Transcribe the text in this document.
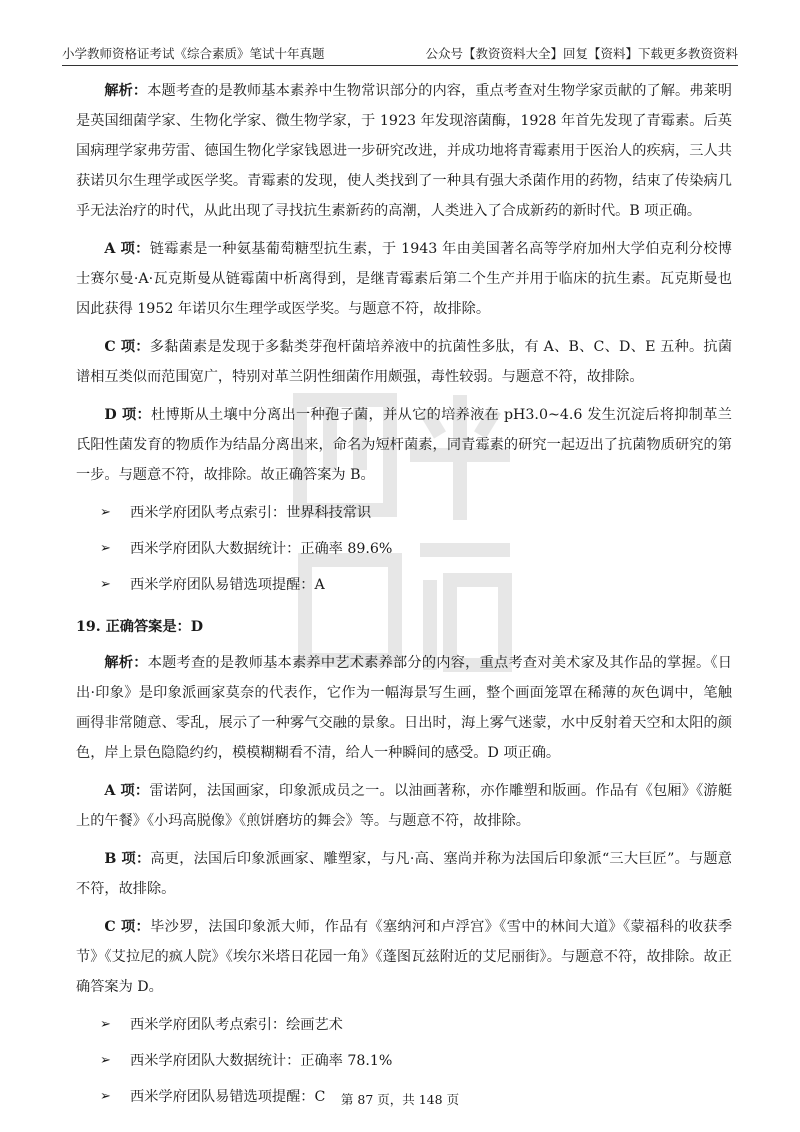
小学教师资格证考试《综合素质》笔试十年真题	公众号【教资资料大全】回复【资料】下载更多教资资料

解析：本题考查的是教师基本素养中生物常识部分的内容，重点考查对生物学家贡献的了解。弗莱明是英国细菌学家、生物化学家、微生物学家，于 1923 年发现溶菌酶，1928 年首先发现了青霉素。后英国病理学家弗劳雷、德国生物化学家钱恩进一步研究改进，并成功地将青霉素用于医治人的疾病，三人共获诺贝尔生理学或医学奖。青霉素的发现，使人类找到了一种具有强大杀菌作用的药物，结束了传染病几乎无法治疗的时代，从此出现了寻找抗生素新药的高潮，人类进入了合成新药的新时代。B 项正确。

A 项：链霉素是一种氨基葡萄糖型抗生素，于 1943 年由美国著名高等学府加州大学伯克利分校博士赛尔曼·A·瓦克斯曼从链霉菌中析离得到，是继青霉素后第二个生产并用于临床的抗生素。瓦克斯曼也因此获得 1952 年诺贝尔生理学或医学奖。与题意不符，故排除。

C 项：多黏菌素是发现于多黏类芽孢杆菌培养液中的抗菌性多肽，有 A、B、C、D、E 五种。抗菌谱相互类似而范围宽广，特别对革兰阴性细菌作用颇强，毒性较弱。与题意不符，故排除。

D 项：杜博斯从土壤中分离出一种孢子菌，并从它的培养液在 pH3.0~4.6 发生沉淀后将抑制革兰氏阳性菌发育的物质作为结晶分离出来，命名为短杆菌素，同青霉素的研究一起迈出了抗菌物质研究的第一步。与题意不符，故排除。故正确答案为 B。

➢	西米学府团队考点索引：世界科技常识
➢	西米学府团队大数据统计：正确率 89.6%
➢	西米学府团队易错选项提醒：A
19. 正确答案是：D

解析：本题考查的是教师基本素养中艺术素养部分的内容，重点考查对美术家及其作品的掌握。《日出·印象》是印象派画家莫奈的代表作，它作为一幅海景写生画，整个画面笼罩在稀薄的灰色调中，笔触画得非常随意、零乱，展示了一种雾气交融的景象。日出时，海上雾气迷蒙，水中反射着天空和太阳的颜色，岸上景色隐隐约约，模模糊糊看不清，给人一种瞬间的感受。D 项正确。

A 项：雷诺阿，法国画家，印象派成员之一。以油画著称，亦作雕塑和版画。作品有《包厢》《游艇上的午餐》《小玛高脱像》《煎饼磨坊的舞会》等。与题意不符，故排除。

B 项：高更，法国后印象派画家、雕塑家，与凡·高、塞尚并称为法国后印象派“三大巨匠”。与题意不符，故排除。

C 项：毕沙罗，法国印象派大师，作品有《塞纳河和卢浮宫》《雪中的林间大道》《蒙福科的收获季节》《艾拉尼的疯人院》《埃尔米塔日花园一角》《蓬图瓦兹附近的艾尼丽街》。与题意不符，故排除。故正确答案为 D。

➢	西米学府团队考点索引：绘画艺术
➢	西米学府团队大数据统计：正确率 78.1%
➢	西米学府团队易错选项提醒：C	第 87 页，共 148 页
